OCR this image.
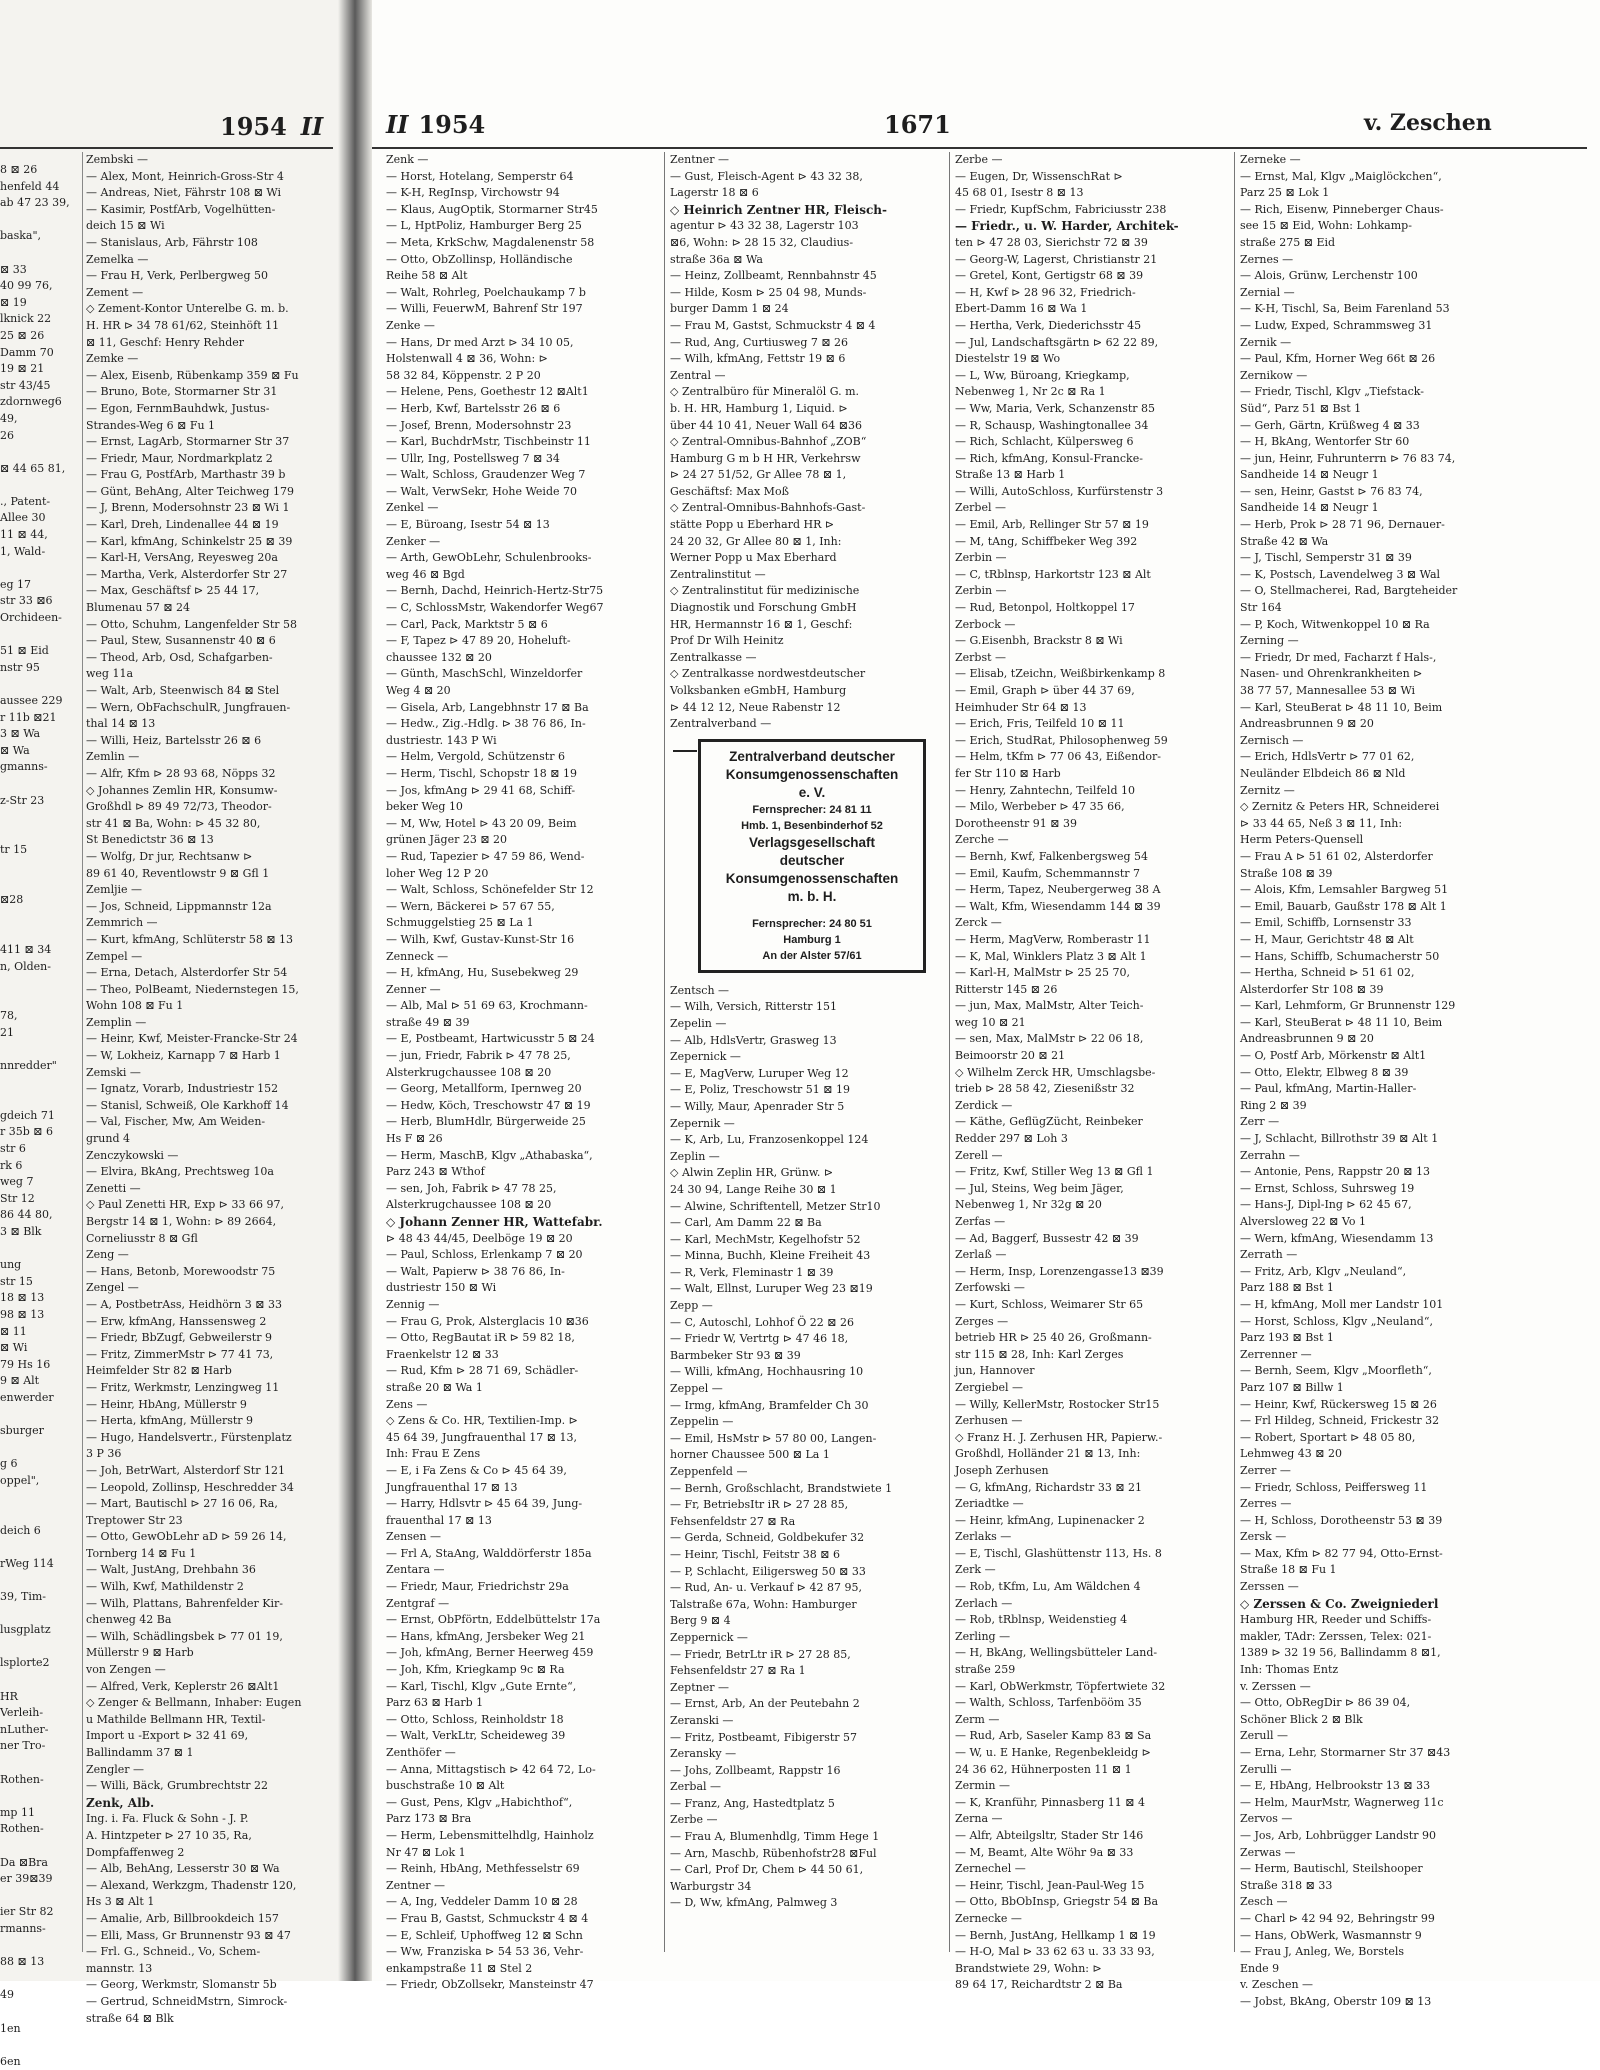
1954 II
8 ⊠ 26
henfeld 44
ab 47 23 39,

baska",

⊠ 33
40 99 76,
⊠ 19
lknick 22
25 ⊠ 26
Damm 70
19 ⊠ 21
str 43/45
zdornweg6
49,
26

⊠ 44 65 81,

., Patent-
Allee 30
11 ⊠ 44,
1, Wald-

eg 17
str 33 ⊠6
Orchideen-

51 ⊠ Eid
nstr 95

aussee 229
r 11b ⊠21
3 ⊠ Wa
⊠ Wa
gmanns-

z-Str 23

tr 15

⊠28

411 ⊠ 34
n, Olden-

78,
21

nnredder"

gdeich 71
r 35b ⊠ 6
str 6
rk 6
weg 7
Str 12
86 44 80,
3 ⊠ Blk

ung
str 15
18 ⊠ 13
98 ⊠ 13
⊠ 11
⊠ Wi
79 Hs 16
9 ⊠ Alt
enwerder

sburger

g 6
oppel",

deich 6

rWeg 114

39, Tim-

lusgplatz

lsplorte2

HR
Verleih-
nLuther-
ner Tro-

Rothen-

mp 11
Rothen-

Da ⊠Bra
er 39⊠39

ier Str 82
rmanns-

88 ⊠ 13

49

1en

6en
Zembski —
— Alex, Mont, Heinrich-Gross-Str 4
— Andreas, Niet, Fährstr 108 ⊠ Wi
— Kasimir, PostfArb, Vogelhütten-
deich 15 ⊠ Wi
— Stanislaus, Arb, Fährstr 108
Zemelka —
— Frau H, Verk, Perlbergweg 50
Zement —
◇ Zement-Kontor Unterelbe G. m. b.
H. HR ⊳ 34 78 61/62, Steinhöft 11
⊠ 11, Geschf: Henry Rehder
Zemke —
— Alex, Eisenb, Rübenkamp 359 ⊠ Fu
— Bruno, Bote, Stormarner Str 31
— Egon, FernmBauhdwk, Justus-
Strandes-Weg 6 ⊠ Fu 1
— Ernst, LagArb, Stormarner Str 37
— Friedr, Maur, Nordmarkplatz 2
— Frau G, PostfArb, Marthastr 39 b
— Günt, BehAng, Alter Teichweg 179
— J, Brenn, Modersohnstr 23 ⊠ Wi 1
— Karl, Dreh, Lindenallee 44 ⊠ 19
— Karl, kfmAng, Schinkelstr 25 ⊠ 39
— Karl-H, VersAng, Reyesweg 20a
— Martha, Verk, Alsterdorfer Str 27
— Max, Geschäftsf ⊳ 25 44 17,
Blumenau 57 ⊠ 24
— Otto, Schuhm, Langenfelder Str 58
— Paul, Stew, Susannenstr 40 ⊠ 6
— Theod, Arb, Osd, Schafgarben-
weg 11a
— Walt, Arb, Steenwisch 84 ⊠ Stel
— Wern, ObFachschulR, Jungfrauen-
thal 14 ⊠ 13
— Willi, Heiz, Bartelsstr 26 ⊠ 6
Zemlin —
— Alfr, Kfm ⊳ 28 93 68, Nöpps 32
◇ Johannes Zemlin HR, Konsumw-
Großhdl ⊳ 89 49 72/73, Theodor-
str 41 ⊠ Ba, Wohn: ⊳ 45 32 80,
St Benedictstr 36 ⊠ 13
— Wolfg, Dr jur, Rechtsanw ⊳
89 61 40, Reventlowstr 9 ⊠ Gfl 1
Zemljie —
— Jos, Schneid, Lippmannstr 12a
Zemmrich —
— Kurt, kfmAng, Schlüterstr 58 ⊠ 13
Zempel —
— Erna, Detach, Alsterdorfer Str 54
— Theo, PolBeamt, Niedernstegen 15,
Wohn 108 ⊠ Fu 1
Zemplin —
— Heinr, Kwf, Meister-Francke-Str 24
— W, Lokheiz, Karnapp 7 ⊠ Harb 1
Zemski —
— Ignatz, Vorarb, Industriestr 152
— Stanisl, Schweiß, Ole Karkhoff 14
— Val, Fischer, Mw, Am Weiden-
grund 4
Zenczykowski —
— Elvira, BkAng, Prechtsweg 10a
Zenetti —
◇ Paul Zenetti HR, Exp ⊳ 33 66 97,
Bergstr 14 ⊠ 1, Wohn: ⊳ 89 2664,
Corneliusstr 8 ⊠ Gfl
Zeng —
— Hans, Betonb, Morewoodstr 75
Zengel —
— A, PostbetrAss, Heidhörn 3 ⊠ 33
— Erw, kfmAng, Hanssensweg 2
— Friedr, BbZugf, Gebweilerstr 9
— Fritz, ZimmerMstr ⊳ 77 41 73,
Heimfelder Str 82 ⊠ Harb
— Fritz, Werkmstr, Lenzingweg 11
— Heinr, HbAng, Müllerstr 9
— Herta, kfmAng, Müllerstr 9
— Hugo, Handelsvertr., Fürstenplatz
3 P 36
— Joh, BetrWart, Alsterdorf Str 121
— Leopold, Zollinsp, Heschredder 34
— Mart, Bautischl ⊳ 27 16 06, Ra,
Treptower Str 23
— Otto, GewObLehr aD ⊳ 59 26 14,
Tornberg 14 ⊠ Fu 1
— Walt, JustAng, Drehbahn 36
— Wilh, Kwf, Mathildenstr 2
— Wilh, Plattans, Bahrenfelder Kir-
chenweg 42 Ba
— Wilh, Schädlingsbek ⊳ 77 01 19,
Müllerstr 9 ⊠ Harb
von Zengen —
— Alfred, Verk, Keplerstr 26 ⊠Alt1
◇ Zenger & Bellmann, Inhaber: Eugen
u Mathilde Bellmann HR, Textil-
Import u -Export ⊳ 32 41 69,
Ballindamm 37 ⊠ 1
Zengler —
— Willi, Bäck, Grumbrechtstr 22
Zenk, Alb.
Ing. i. Fa. Fluck & Sohn - J. P.
A. Hintzpeter ⊳ 27 10 35, Ra,
Dompfaffenweg 2
— Alb, BehAng, Lesserstr 30 ⊠ Wa
— Alexand, Werkzgm, Thadenstr 120,
Hs 3 ⊠ Alt 1
— Amalie, Arb, Billbrookdeich 157
— Elli, Mass, Gr Brunnenstr 93 ⊠ 47
— Frl. G., Schneid., Vo, Schem-
mannstr. 13
— Georg, Werkmstr, Slomanstr 5b
— Gertrud, SchneidMstrn, Simrock-
straße 64 ⊠ Blk
II 1954	1671	v. Zeschen
Zenk —
— Horst, Hotelang, Semperstr 64
— K-H, RegInsp, Virchowstr 94
— Klaus, AugOptik, Stormarner Str45
— L, HptPoliz, Hamburger Berg 25
— Meta, KrkSchw, Magdalenenstr 58
— Otto, ObZollinsp, Holländische
Reihe 58 ⊠ Alt
— Walt, Rohrleg, Poelchaukamp 7 b
— Willi, FeuerwM, Bahrenf Str 197
Zenke —
— Hans, Dr med Arzt ⊳ 34 10 05,
Holstenwall 4 ⊠ 36, Wohn: ⊳
58 32 84, Köppenstr. 2 P 20
— Helene, Pens, Goethestr 12 ⊠Alt1
— Herb, Kwf, Bartelsstr 26 ⊠ 6
— Josef, Brenn, Modersohnstr 23
— Karl, BuchdrMstr, Tischbeinstr 11
— Ullr, Ing, Postellsweg 7 ⊠ 34
— Walt, Schloss, Graudenzer Weg 7
— Walt, VerwSekr, Hohe Weide 70
Zenkel —
— E, Büroang, Isestr 54 ⊠ 13
Zenker —
— Arth, GewObLehr, Schulenbrooks-
weg 46 ⊠ Bgd
— Bernh, Dachd, Heinrich-Hertz-Str75
— C, SchlossMstr, Wakendorfer Weg67
— Carl, Pack, Marktstr 5 ⊠ 6
— F, Tapez ⊳ 47 89 20, Hoheluft-
chaussee 132 ⊠ 20
— Günth, MaschSchl, Winzeldorfer
Weg 4 ⊠ 20
— Gisela, Arb, Langebhnstr 17 ⊠ Ba
— Hedw., Zig.-Hdlg. ⊳ 38 76 86, In-
dustriestr. 143 P Wi
— Helm, Vergold, Schützenstr 6
— Herm, Tischl, Schopstr 18 ⊠ 19
— Jos, kfmAng ⊳ 29 41 68, Schiff-
beker Weg 10
— M, Ww, Hotel ⊳ 43 20 09, Beim
grünen Jäger 23 ⊠ 20
— Rud, Tapezier ⊳ 47 59 86, Wend-
loher Weg 12 P 20
— Walt, Schloss, Schönefelder Str 12
— Wern, Bäckerei ⊳ 57 67 55,
Schmuggelstieg 25 ⊠ La 1
— Wilh, Kwf, Gustav-Kunst-Str 16
Zenneck —
— H, kfmAng, Hu, Susebekweg 29
Zenner —
— Alb, Mal ⊳ 51 69 63, Krochmann-
straße 49 ⊠ 39
— E, Postbeamt, Hartwicusstr 5 ⊠ 24
— jun, Friedr, Fabrik ⊳ 47 78 25,
Alsterkrugchaussee 108 ⊠ 20
— Georg, Metallform, Ipernweg 20
— Hedw, Köch, Treschowstr 47 ⊠ 19
— Herb, BlumHdlr, Bürgerweide 25
Hs F ⊠ 26
— Herm, MaschB, Klgv „Athabaska“,
Parz 243 ⊠ Wthof
— sen, Joh, Fabrik ⊳ 47 78 25,
Alsterkrugchaussee 108 ⊠ 20
◇ Johann Zenner HR, Wattefabr.
⊳ 48 43 44/45, Deelböge 19 ⊠ 20
— Paul, Schloss, Erlenkamp 7 ⊠ 20
— Walt, Papierw ⊳ 38 76 86, In-
dustriestr 150 ⊠ Wi
Zennig —
— Frau G, Prok, Alsterglacis 10 ⊠36
— Otto, RegBautat iR ⊳ 59 82 18,
Fraenkelstr 12 ⊠ 33
— Rud, Kfm ⊳ 28 71 69, Schädler-
straße 20 ⊠ Wa 1
Zens —
◇ Zens & Co. HR, Textilien-Imp. ⊳
45 64 39, Jungfrauenthal 17 ⊠ 13,
Inh: Frau E Zens
— E, i Fa Zens & Co ⊳ 45 64 39,
Jungfrauenthal 17 ⊠ 13
— Harry, Hdlsvtr ⊳ 45 64 39, Jung-
frauenthal 17 ⊠ 13
Zensen —
— Frl A, StaAng, Walddörferstr 185a
Zentara —
— Friedr, Maur, Friedrichstr 29a
Zentgraf —
— Ernst, ObPförtn, Eddelbüttelstr 17a
— Hans, kfmAng, Jersbeker Weg 21
— Joh, kfmAng, Berner Heerweg 459
— Joh, Kfm, Kriegkamp 9c ⊠ Ra
— Karl, Tischl, Klgv „Gute Ernte“,
Parz 63 ⊠ Harb 1
— Otto, Schloss, Reinholdstr 18
— Walt, VerkLtr, Scheideweg 39
Zenthöfer —
— Anna, Mittagstisch ⊳ 42 64 72, Lo-
buschstraße 10 ⊠ Alt
— Gust, Pens, Klgv „Habichthof“,
Parz 173 ⊠ Bra
— Herm, Lebensmittelhdlg, Hainholz
Nr 47 ⊠ Lok 1
— Reinh, HbAng, Methfesselstr 69
Zentner —
— A, Ing, Veddeler Damm 10 ⊠ 28
— Frau B, Gastst, Schmuckstr 4 ⊠ 4
— E, Schleif, Uphoffweg 12 ⊠ Schn
— Ww, Franziska ⊳ 54 53 36, Vehr-
enkampstraße 11 ⊠ Stel 2
— Friedr, ObZollsekr, Mansteinstr 47
Zentner —
— Gust, Fleisch-Agent ⊳ 43 32 38,
Lagerstr 18 ⊠ 6
◇ Heinrich Zentner HR, Fleisch-
agentur ⊳ 43 32 38, Lagerstr 103
⊠6, Wohn: ⊳ 28 15 32, Claudius-
straße 36a ⊠ Wa
— Heinz, Zollbeamt, Rennbahnstr 45
— Hilde, Kosm ⊳ 25 04 98, Munds-
burger Damm 1 ⊠ 24
— Frau M, Gastst, Schmuckstr 4 ⊠ 4
— Rud, Ang, Curtiusweg 7 ⊠ 26
— Wilh, kfmAng, Fettstr 19 ⊠ 6
Zentral —
◇ Zentralbüro für Mineralöl G. m.
b. H. HR, Hamburg 1, Liquid. ⊳
über 44 10 41, Neuer Wall 64 ⊠36
◇ Zentral-Omnibus-Bahnhof „ZOB“
Hamburg G m b H HR, Verkehrsw
⊳ 24 27 51/52, Gr Allee 78 ⊠ 1,
Geschäftsf: Max Moß
◇ Zentral-Omnibus-Bahnhofs-Gast-
stätte Popp u Eberhard HR ⊳
24 20 32, Gr Allee 80 ⊠ 1, Inh:
Werner Popp u Max Eberhard
Zentralinstitut —
◇ Zentralinstitut für medizinische
Diagnostik und Forschung GmbH
HR, Hermannstr 16 ⊠ 1, Geschf:
Prof Dr Wilh Heinitz
Zentralkasse —
◇ Zentralkasse nordwestdeutscher
Volksbanken eGmbH, Hamburg
⊳ 44 12 12, Neue Rabenstr 12
Zentralverband —
Zentralverband deutscher
Konsumgenossenschaften
e. V.
Fernsprecher: 24 81 11
Hmb. 1, Besenbinderhof 52
Verlagsgesellschaft
deutscher
Konsumgenossenschaften
m. b. H.
Fernsprecher: 24 80 51
Hamburg 1
An der Alster 57/61
Zentsch —
— Wilh, Versich, Ritterstr 151
Zepelin —
— Alb, HdlsVertr, Grasweg 13
Zepernick —
— E, MagVerw, Luruper Weg 12
— E, Poliz, Treschowstr 51 ⊠ 19
— Willy, Maur, Apenrader Str 5
Zepernik —
— K, Arb, Lu, Franzosenkoppel 124
Zeplin —
◇ Alwin Zeplin HR, Grünw. ⊳
24 30 94, Lange Reihe 30 ⊠ 1
— Alwine, Schriftentell, Metzer Str10
— Carl, Am Damm 22 ⊠ Ba
— Karl, MechMstr, Kegelhofstr 52
— Minna, Buchh, Kleine Freiheit 43
— R, Verk, Fleminastr 1 ⊠ 39
— Walt, Ellnst, Luruper Weg 23 ⊠19
Zepp —
— C, Autoschl, Lohhof Ö 22 ⊠ 26
— Friedr W, Vertrtg ⊳ 47 46 18,
Barmbeker Str 93 ⊠ 39
— Willi, kfmAng, Hochhausring 10
Zeppel —
— Irmg, kfmAng, Bramfelder Ch 30
Zeppelin —
— Emil, HsMstr ⊳ 57 80 00, Langen-
horner Chaussee 500 ⊠ La 1
Zeppenfeld —
— Bernh, Großschlacht, Brandstwiete 1
— Fr, BetriebsItr iR ⊳ 27 28 85,
Fehsenfeldstr 27 ⊠ Ra
— Gerda, Schneid, Goldbekufer 32
— Heinr, Tischl, Feitstr 38 ⊠ 6
— P, Schlacht, Eiligersweg 50 ⊠ 33
— Rud, An- u. Verkauf ⊳ 42 87 95,
Talstraße 67a, Wohn: Hamburger
Berg 9 ⊠ 4
Zeppernick —
— Friedr, BetrLtr iR ⊳ 27 28 85,
Fehsenfeldstr 27 ⊠ Ra 1
Zeptner —
— Ernst, Arb, An der Peutebahn 2
Zeranski —
— Fritz, Postbeamt, Fibigerstr 57
Zeransky —
— Johs, Zollbeamt, Rappstr 16
Zerbal —
— Franz, Ang, Hastedtplatz 5
Zerbe —
— Frau A, Blumenhdlg, Timm Hege 1
— Arn, Maschb, Rübenhofstr28 ⊠Ful
— Carl, Prof Dr, Chem ⊳ 44 50 61,
Warburgstr 34
— D, Ww, kfmAng, Palmweg 3
Zerbe —
— Eugen, Dr, WissenschRat ⊳
45 68 01, Isestr 8 ⊠ 13
— Friedr, KupfSchm, Fabriciusstr 238
— Friedr., u. W. Harder, Architek-
ten ⊳ 47 28 03, Sierichstr 72 ⊠ 39
— Georg-W, Lagerst, Christianstr 21
— Gretel, Kont, Gertigstr 68 ⊠ 39
— H, Kwf ⊳ 28 96 32, Friedrich-
Ebert-Damm 16 ⊠ Wa 1
— Hertha, Verk, Diederichsstr 45
— Jul, Landschaftsgärtn ⊳ 62 22 89,
Diestelstr 19 ⊠ Wo
— L, Ww, Büroang, Kriegkamp,
Nebenweg 1, Nr 2c ⊠ Ra 1
— Ww, Maria, Verk, Schanzenstr 85
— R, Schausp, Washingtonallee 34
— Rich, Schlacht, Külpersweg 6
— Rich, kfmAng, Konsul-Francke-
Straße 13 ⊠ Harb 1
— Willi, AutoSchloss, Kurfürstenstr 3
Zerbel —
— Emil, Arb, Rellinger Str 57 ⊠ 19
— M, tAng, Schiffbeker Weg 392
Zerbin —
— C, tRblnsp, Harkortstr 123 ⊠ Alt
Zerbin —
— Rud, Betonpol, Holtkoppel 17
Zerbock —
— G.Eisenbh, Brackstr 8 ⊠ Wi
Zerbst —
— Elisab, tZeichn, Weißbirkenkamp 8
— Emil, Graph ⊳ über 44 37 69,
Heimhuder Str 64 ⊠ 13
— Erich, Fris, Teilfeld 10 ⊠ 11
— Erich, StudRat, Philosophenweg 59
— Helm, tKfm ⊳ 77 06 43, Eißendor-
fer Str 110 ⊠ Harb
— Henry, Zahntechn, Teilfeld 10
— Milo, Werbeber ⊳ 47 35 66,
Dorotheenstr 91 ⊠ 39
Zerche —
— Bernh, Kwf, Falkenbergsweg 54
— Emil, Kaufm, Schemmannstr 7
— Herm, Tapez, Neubergerweg 38 A
— Walt, Kfm, Wiesendamm 144 ⊠ 39
Zerck —
— Herm, MagVerw, Romberastr 11
— K, Mal, Winklers Platz 3 ⊠ Alt 1
— Karl-H, MalMstr ⊳ 25 25 70,
Ritterstr 145 ⊠ 26
— jun, Max, MalMstr, Alter Teich-
weg 10 ⊠ 21
— sen, Max, MalMstr ⊳ 22 06 18,
Beimoorstr 20 ⊠ 21
◇ Wilhelm Zerck HR, Umschlagsbe-
trieb ⊳ 28 58 42, Ziesenißstr 32
Zerdick —
— Käthe, GeflügZücht, Reinbeker
Redder 297 ⊠ Loh 3
Zerell —
— Fritz, Kwf, Stiller Weg 13 ⊠ Gfl 1
— Jul, Steins, Weg beim Jäger,
Nebenweg 1, Nr 32g ⊠ 20
Zerfas —
— Ad, Baggerf, Bussestr 42 ⊠ 39
Zerlaß —
— Herm, Insp, Lorenzengasse13 ⊠39
Zerfowski —
— Kurt, Schloss, Weimarer Str 65
Zerges —
betrieb HR ⊳ 25 40 26, Großmann-
str 115 ⊠ 28, Inh: Karl Zerges
jun, Hannover
Zergiebel —
— Willy, KellerMstr, Rostocker Str15
Zerhusen —
◇ Franz H. J. Zerhusen HR, Papierw.-
Großhdl, Holländer 21 ⊠ 13, Inh:
Joseph Zerhusen
— G, kfmAng, Richardstr 33 ⊠ 21
Zeriadtke —
— Heinr, kfmAng, Lupinenacker 2
Zerlaks —
— E, Tischl, Glashüttenstr 113, Hs. 8
Zerk —
— Rob, tKfm, Lu, Am Wäldchen 4
Zerlach —
— Rob, tRblnsp, Weidenstieg 4
Zerling —
— H, BkAng, Wellingsbütteler Land-
straße 259
— Karl, ObWerkmstr, Töpfertwiete 32
— Walth, Schloss, Tarfenbööm 35
Zerm —
— Rud, Arb, Saseler Kamp 83 ⊠ Sa
— W, u. E Hanke, Regenbekleidg ⊳
24 36 62, Hühnerposten 11 ⊠ 1
Zermin —
— K, Kranführ, Pinnasberg 11 ⊠ 4
Zerna —
— Alfr, Abteilgsltr, Stader Str 146
— M, Beamt, Alte Wöhr 9a ⊠ 33
Zernechel —
— Heinr, Tischl, Jean-Paul-Weg 15
— Otto, BbObInsp, Griegstr 54 ⊠ Ba
Zernecke —
— Bernh, JustAng, Hellkamp 1 ⊠ 19
— H-O, Mal ⊳ 33 62 63 u. 33 33 93,
Brandstwiete 29, Wohn: ⊳
89 64 17, Reichardtstr 2 ⊠ Ba
Zerneke —
— Ernst, Mal, Klgv „Maiglöckchen“,
Parz 25 ⊠ Lok 1
— Rich, Eisenw, Pinneberger Chaus-
see 15 ⊠ Eid, Wohn: Lohkamp-
straße 275 ⊠ Eid
Zernes —
— Alois, Grünw, Lerchenstr 100
Zernial —
— K-H, Tischl, Sa, Beim Farenland 53
— Ludw, Exped, Schrammsweg 31
Zernik —
— Paul, Kfm, Horner Weg 66t ⊠ 26
Zernikow —
— Friedr, Tischl, Klgv „Tiefstack-
Süd“, Parz 51 ⊠ Bst 1
— Gerh, Gärtn, Krüßweg 4 ⊠ 33
— H, BkAng, Wentorfer Str 60
— jun, Heinr, Fuhrunterrn ⊳ 76 83 74,
Sandheide 14 ⊠ Neugr 1
— sen, Heinr, Gastst ⊳ 76 83 74,
Sandheide 14 ⊠ Neugr 1
— Herb, Prok ⊳ 28 71 96, Dernauer-
Straße 42 ⊠ Wa
— J, Tischl, Semperstr 31 ⊠ 39
— K, Postsch, Lavendelweg 3 ⊠ Wal
— O, Stellmacherei, Rad, Bargteheider
Str 164
— P, Koch, Witwenkoppel 10 ⊠ Ra
Zerning —
— Friedr, Dr med, Facharzt f Hals-,
Nasen- und Ohrenkrankheiten ⊳
38 77 57, Mannesallee 53 ⊠ Wi
— Karl, SteuBerat ⊳ 48 11 10, Beim
Andreasbrunnen 9 ⊠ 20
Zernisch —
— Erich, HdlsVertr ⊳ 77 01 62,
Neuländer Elbdeich 86 ⊠ Nld
Zernitz —
◇ Zernitz & Peters HR, Schneiderei
⊳ 33 44 65, Neß 3 ⊠ 11, Inh:
Herm Peters-Quensell
— Frau A ⊳ 51 61 02, Alsterdorfer
Straße 108 ⊠ 39
— Alois, Kfm, Lemsahler Bargweg 51
— Emil, Bauarb, Gaußstr 178 ⊠ Alt 1
— Emil, Schiffb, Lornsenstr 33
— H, Maur, Gerichtstr 48 ⊠ Alt
— Hans, Schiffb, Schumacherstr 50
— Hertha, Schneid ⊳ 51 61 02,
Alsterdorfer Str 108 ⊠ 39
— Karl, Lehmform, Gr Brunnenstr 129
— Karl, SteuBerat ⊳ 48 11 10, Beim
Andreasbrunnen 9 ⊠ 20
— O, Postf Arb, Mörkenstr ⊠ Alt1
— Otto, Elektr, Elbweg 8 ⊠ 39
— Paul, kfmAng, Martin-Haller-
Ring 2 ⊠ 39
Zerr —
— J, Schlacht, Billrothstr 39 ⊠ Alt 1
Zerrahn —
— Antonie, Pens, Rappstr 20 ⊠ 13
— Ernst, Schloss, Suhrsweg 19
— Hans-J, Dipl-Ing ⊳ 62 45 67,
Alversloweg 22 ⊠ Vo 1
— Wern, kfmAng, Wiesendamm 13
Zerrath —
— Fritz, Arb, Klgv „Neuland“,
Parz 188 ⊠ Bst 1
— H, kfmAng, Moll mer Landstr 101
— Horst, Schloss, Klgv „Neuland“,
Parz 193 ⊠ Bst 1
Zerrenner —
— Bernh, Seem, Klgv „Moorfleth“,
Parz 107 ⊠ Billw 1
— Heinr, Kwf, Rückersweg 15 ⊠ 26
— Frl Hildeg, Schneid, Frickestr 32
— Robert, Sportart ⊳ 48 05 80,
Lehmweg 43 ⊠ 20
Zerrer —
— Friedr, Schloss, Peiffersweg 11
Zerres —
— H, Schloss, Dorotheenstr 53 ⊠ 39
Zersk —
— Max, Kfm ⊳ 82 77 94, Otto-Ernst-
Straße 18 ⊠ Fu 1
Zerssen —
◇ Zerssen & Co. Zweigniederl
Hamburg HR, Reeder und Schiffs-
makler, TAdr: Zerssen, Telex: 021-
1389 ⊳ 32 19 56, Ballindamm 8 ⊠1,
Inh: Thomas Entz
v. Zerssen —
— Otto, ObRegDir ⊳ 86 39 04,
Schöner Blick 2 ⊠ Blk
Zerull —
— Erna, Lehr, Stormarner Str 37 ⊠43
Zerulli —
— E, HbAng, Helbrookstr 13 ⊠ 33
— Helm, MaurMstr, Wagnerweg 11c
Zervos —
— Jos, Arb, Lohbrügger Landstr 90
Zerwas —
— Herm, Bautischl, Steilshooper
Straße 318 ⊠ 33
Zesch —
— Charl ⊳ 42 94 92, Behringstr 99
— Hans, ObWerk, Wasmannstr 9
— Frau J, Anleg, We, Borstels
Ende 9
v. Zeschen —
— Jobst, BkAng, Oberstr 109 ⊠ 13
